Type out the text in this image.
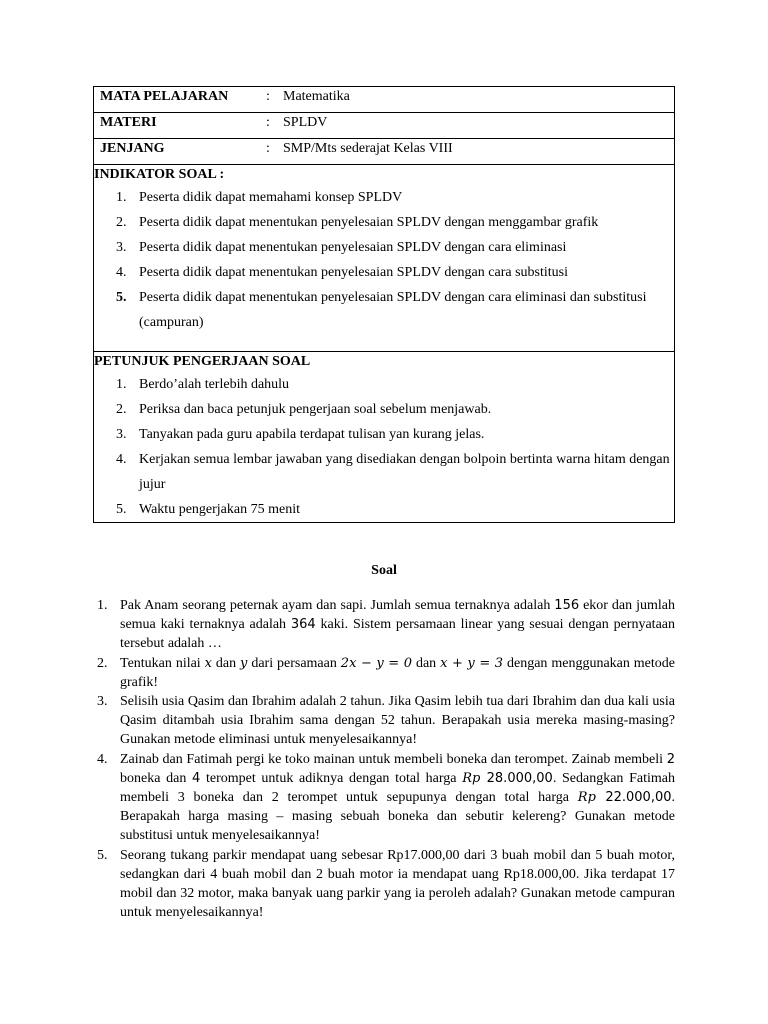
MATA PELAJARAN	: Matematika

MATERI	: SPLDV

JENJANG	: SMP/Mts sederajat Kelas VIII

INDIKATOR SOAL :
1. Peserta didik dapat memahami konsep SPLDV
2. Peserta didik dapat menentukan penyelesaian SPLDV dengan menggambar grafik
3. Peserta didik dapat menentukan penyelesaian SPLDV dengan cara eliminasi
4. Peserta didik dapat menentukan penyelesaian SPLDV dengan cara substitusi
5. Peserta didik dapat menentukan penyelesaian SPLDV dengan cara eliminasi dan substitusi (campuran)

PETUNJUK PENGERJAAN SOAL
1. Berdo’alah terlebih dahulu
2. Periksa dan baca petunjuk pengerjaan soal sebelum menjawab.
3. Tanyakan pada guru apabila terdapat tulisan yan kurang jelas.
4. Kerjakan semua lembar jawaban yang disediakan dengan bolpoin bertinta warna hitam dengan jujur
5. Waktu pengerjakan 75 menit
Soal
1. Pak Anam seorang peternak ayam dan sapi. Jumlah semua ternaknya adalah 156 ekor dan jumlah semua kaki ternaknya adalah 364 kaki. Sistem persamaan linear yang sesuai dengan pernyataan tersebut adalah …
2. Tentukan nilai x dan y dari persamaan 2x − y = 0 dan x + y = 3 dengan menggunakan metode grafik!
3. Selisih usia Qasim dan Ibrahim adalah 2 tahun. Jika Qasim lebih tua dari Ibrahim dan dua kali usia Qasim ditambah usia Ibrahim sama dengan 52 tahun. Berapakah usia mereka masing-masing? Gunakan metode eliminasi untuk menyelesaikannya!
4. Zainab dan Fatimah pergi ke toko mainan untuk membeli boneka dan terompet. Zainab membeli 2 boneka dan 4 terompet untuk adiknya dengan total harga Rp 28.000,00. Sedangkan Fatimah membeli 3 boneka dan 2 terompet untuk sepupunya dengan total harga Rp 22.000,00. Berapakah harga masing – masing sebuah boneka dan sebutir kelereng? Gunakan metode substitusi untuk menyelesaikannya!
5. Seorang tukang parkir mendapat uang sebesar Rp17.000,00 dari 3 buah mobil dan 5 buah motor, sedangkan dari 4 buah mobil dan 2 buah motor ia mendapat uang Rp18.000,00. Jika terdapat 17 mobil dan 32 motor, maka banyak uang parkir yang ia peroleh adalah? Gunakan metode campuran untuk menyelesaikannya!
